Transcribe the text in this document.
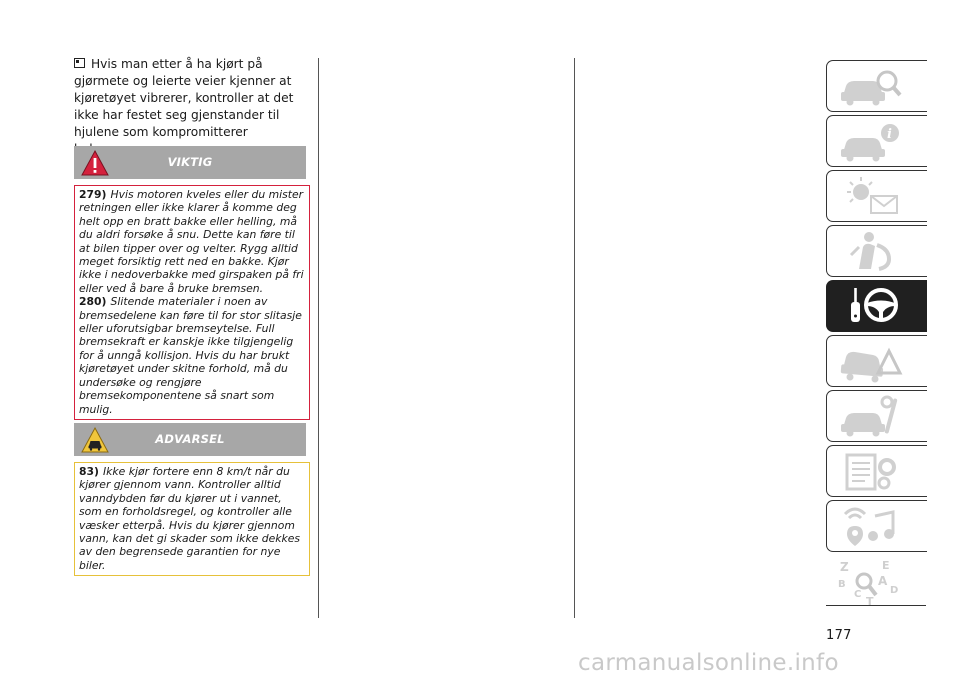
Hvis man etter å ha kjørt på gjørmete og leierte veier kjenner at kjøretøyet vibrerer, kontroller at det ikke har festet seg gjenstander til hjulene som kompromitterer
VIKTIG

279) Hvis motoren kveles eller du mister retningen eller ikke klarer å komme deg helt opp en bratt bakke eller helling, må du aldri forsøke å snu. Dette kan føre til at bilen tipper over og velter. Rygg alltid meget forsiktig rett ned en bakke. Kjør ikke i nedoverbakke med girspaken på fri eller ved å bare å bruke bremsen.

280) Slitende materialer i noen av bremsedelene kan føre til for stor slitasje eller uforutsigbar bremseytelse. Full bremsekraft er kanskje ikke tilgjengelig for å unngå kollisjon. Hvis du har brukt kjøretøyet under skitne forhold, må du undersøke og rengjøre bremsekomponentene så snart som mulig.

ADVARSEL

83) Ikke kjør fortere enn 8 km/t når du kjører gjennom vann. Kontroller alltid vanndybden før du kjører ut i vannet, som en forholdsregel, og kontroller alle væsker etterpå. Hvis du kjører gjennom vann, kan det gi skader som ikke dekkes av den begrensede garantien for nye biler.

i
Z	E
B	A
C
T
D
177
carmanualsonline.info
